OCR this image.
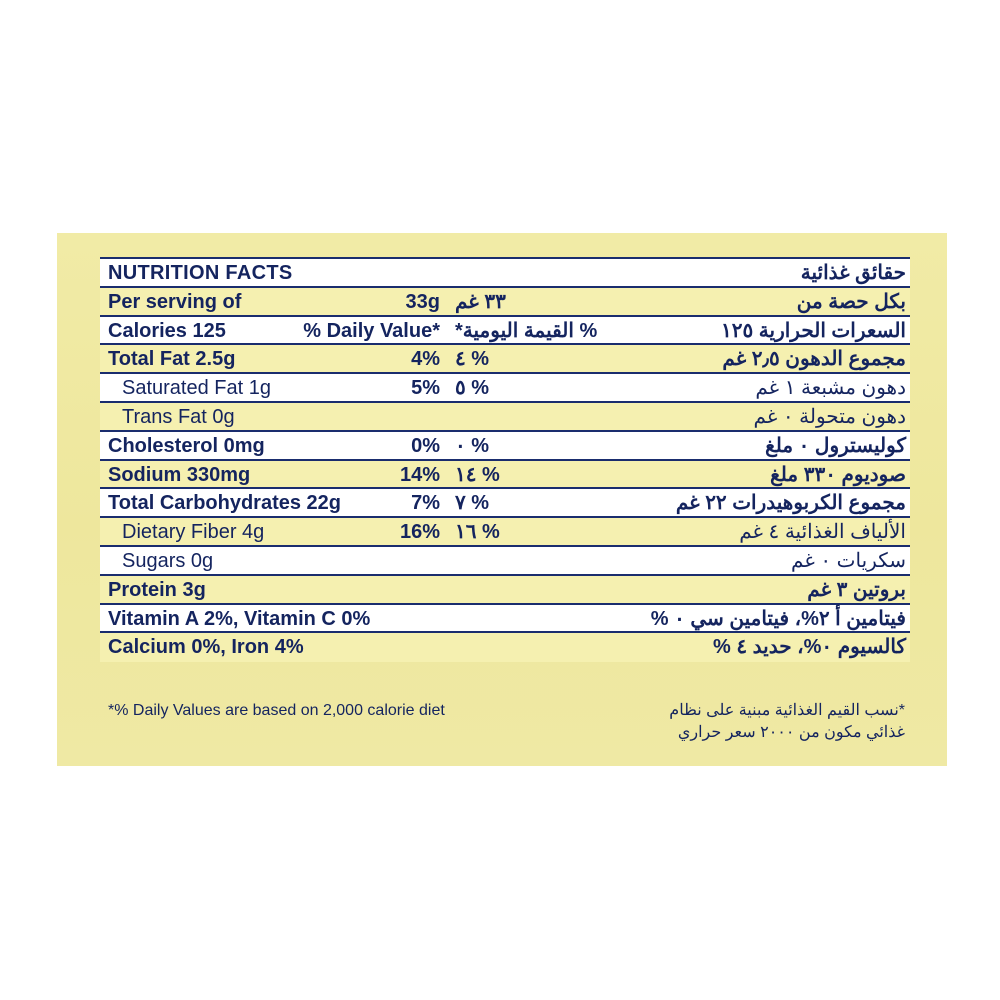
NUTRITION FACTS	حقائق غذائية
Per serving of	33g ٣٣ غم	بكل حصة من
Calories 125	% Daily Value* % القيمة اليومية*	السعرات الحرارية ١٢٥
Total Fat 2.5g	4% ٤ %	مجموع الدهون ٢٫٥ غم
Saturated Fat 1g	5% ٥ %	دهون مشبعة ١ غم
Trans Fat 0g	دهون متحولة ٠ غم
Cholesterol 0mg	0% ٠ %	كوليسترول ٠ ملغ
Sodium 330mg	14% ١٤ %	صوديوم ٣٣٠ ملغ
Total Carbohydrates 22g	7% ٧ %	مجموع الكربوهيدرات ٢٢ غم
Dietary Fiber 4g	16% ١٦ %	الألياف الغذائية ٤ غم
Sugars 0g	سكريات ٠ غم
Protein 3g	بروتين ٣ غم
Vitamin A 2%, Vitamin C 0%	فيتامين أ ٢%، فيتامين سي ٠ %
Calcium 0%, Iron 4%	كالسيوم ٠%، حديد ٤ %
*% Daily Values are based on 2,000 calorie diet	*نسب القيم الغذائية مبنية على نظام
غذائي مكون من ٢٠٠٠ سعر حراري
